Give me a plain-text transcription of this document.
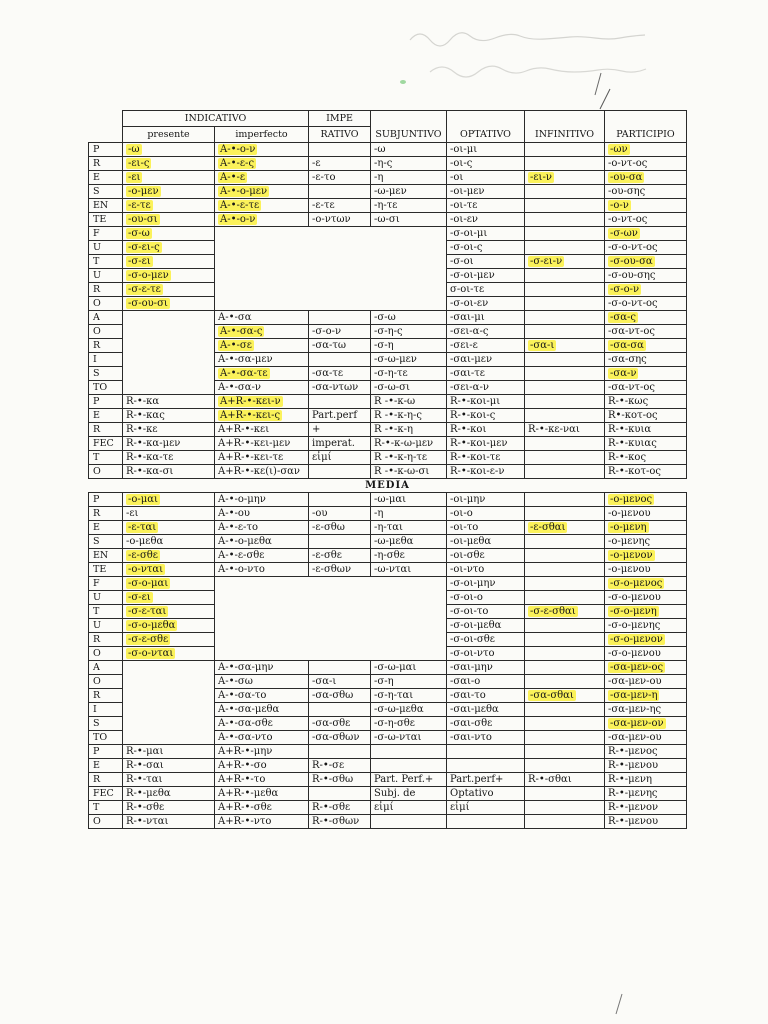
	INDICATIVO		IMPE				
	presente	imperfecto	RATIVO	SUBJUNTIVO	OPTATIVO	INFINITIVO	PARTICIPIO
P	-ω	Α-•-ο-ν		-ω	-οι-μι		-ων
R	-ει-ς	Α-•-ε-ς	-ε	-η-ς	-οι-ς		-ο-ντ-ος
E	-ει	Α-•-ε	-ε-το	-η	-οι	-ει-ν	-ου-σα
S	-ο-μεν	Α-•-ο-μεν		-ω-μεν	-οι-μεν		-ου-σης
EN	-ε-τε	Α-•-ε-τε	-ε-τε	-η-τε	-οι-τε		-ο-ν
TE	-ου-σι	Α-•-ο-ν	-ο-ντων	-ω-σι	-οι-εν		-ο-ντ-ος
F	-σ-ω				-σ-οι-μι		-σ-ων
U	-σ-ει-ς				-σ-οι-ς		-σ-ο-ντ-ος
T	-σ-ει				-σ-οι	-σ-ει-ν	-σ-ου-σα
U	-σ-ο-μεν				-σ-οι-μεν		-σ-ου-σης
R	-σ-ε-τε				σ-οι-τε		-σ-ο-ν
O	-σ-ου-σι				-σ-οι-εν		-σ-ο-ντ-ος
A		Α-•-σα		-σ-ω	-σαι-μι		-σα-ς
O		Α-•-σα-ς	-σ-ο-ν	-σ-η-ς	-σει-α-ς		-σα-ντ-ος
R		Α-•-σε	-σα-τω	-σ-η	-σει-ε	-σα-ι	-σα-σα
I		Α-•-σα-μεν		-σ-ω-μεν	-σαι-μεν		-σα-σης
S		Α-•-σα-τε	-σα-τε	-σ-η-τε	-σαι-τε		-σα-ν
TO		Α-•-σα-ν	-σα-ντων	-σ-ω-σι	-σει-α-ν		-σα-ντ-ος
P	R-•-κα	Α+R-•-κει-ν		R -•-κ-ω	R-•-κοι-μι		R-•-κως
E	R-•-κας	Α+R-•-κει-ς	Part.perf	R -•-κ-η-ς	R-•-κοι-ς		R•-κοτ-ος
R	R-•-κε	Α+R-•-κει	+	R -•-κ-η	R-•-κοι	R-•-κε-ναι	R-•-κυια
FEC	R-•-κα-μεν	Α+R-•-κει-μεν	imperat.	R-•-κ-ω-μεν	R-•-κοι-μεν		R-•-κυιας
T	R-•-κα-τε	Α+R-•-κει-τε	εἰμί	R -•-κ-η-τε	R-•-κοι-τε		R-•-κος
O	R-•-κα-σι	Α+R-•-κε(ι)-σαν		R -•-κ-ω-σι	R-•-κοι-ε-ν		R-•-κοτ-ος
MEDIA							
P	-ο-μαι	Α-•-ο-μην		-ω-μαι	-οι-μην		-ο-μενος
R	-ει	Α-•-ου	-ου	-η	-οι-ο		-ο-μενου
E	-ε-ται	Α-•-ε-το	-ε-σθω	-η-ται	-οι-το	-ε-σθαι	-ο-μενη
S	-ο-μεθα	Α-•-ο-μεθα		-ω-μεθα	-οι-μεθα		-ο-μενης
EN	-ε-σθε	Α-•-ε-σθε	-ε-σθε	-η-σθε	-οι-σθε		-ο-μενον
TE	-ο-νται	Α-•-ο-ντο	-ε-σθων	-ω-νται	-οι-ντο		-ο-μενου
F	-σ-ο-μαι				-σ-οι-μην		-σ-ο-μενος
U	-σ-ει				-σ-οι-ο		-σ-ο-μενου
T	-σ-ε-ται				-σ-οι-το	-σ-ε-σθαι	-σ-ο-μενη
U	-σ-ο-μεθα				-σ-οι-μεθα		-σ-ο-μενης
R	-σ-ε-σθε				-σ-οι-σθε		-σ-ο-μενον
O	-σ-ο-νται				-σ-οι-ντο		-σ-ο-μενου
A		Α-•-σα-μην		-σ-ω-μαι	-σαι-μην		-σα-μεν-ος
O		Α-•-σω	-σα-ι	-σ-η	-σαι-ο		-σα-μεν-ου
R		Α-•-σα-το	-σα-σθω	-σ-η-ται	-σαι-το	-σα-σθαι	-σα-μεν-η
I		Α-•-σα-μεθα		-σ-ω-μεθα	-σαι-μεθα		-σα-μεν-ης
S		Α-•-σα-σθε	-σα-σθε	-σ-η-σθε	-σαι-σθε		-σα-μεν-ον
TO		Α-•-σα-ντο	-σα-σθων	-σ-ω-νται	-σαι-ντο		-σα-μεν-ου
P	R-•-μαι	Α+R-•-μην					R-•-μενος
E	R-•-σαι	Α+R-•-σο	R-•-σε				R-•-μενου
R	R-•-ται	Α+R-•-το	R-•-σθω	Part. Perf.+	Part.perf+	R-•-σθαι	R-•-μενη
FEC	R-•-μεθα	Α+R-•-μεθα		Subj. de	Optativo		R-•-μενης
T	R-•-σθε	Α+R-•-σθε	R-•-σθε	εἰμί	εἰμί		R-•-μενον
O	R-•-νται	Α+R-•-ντο	R-•-σθων				R-•-μενου
